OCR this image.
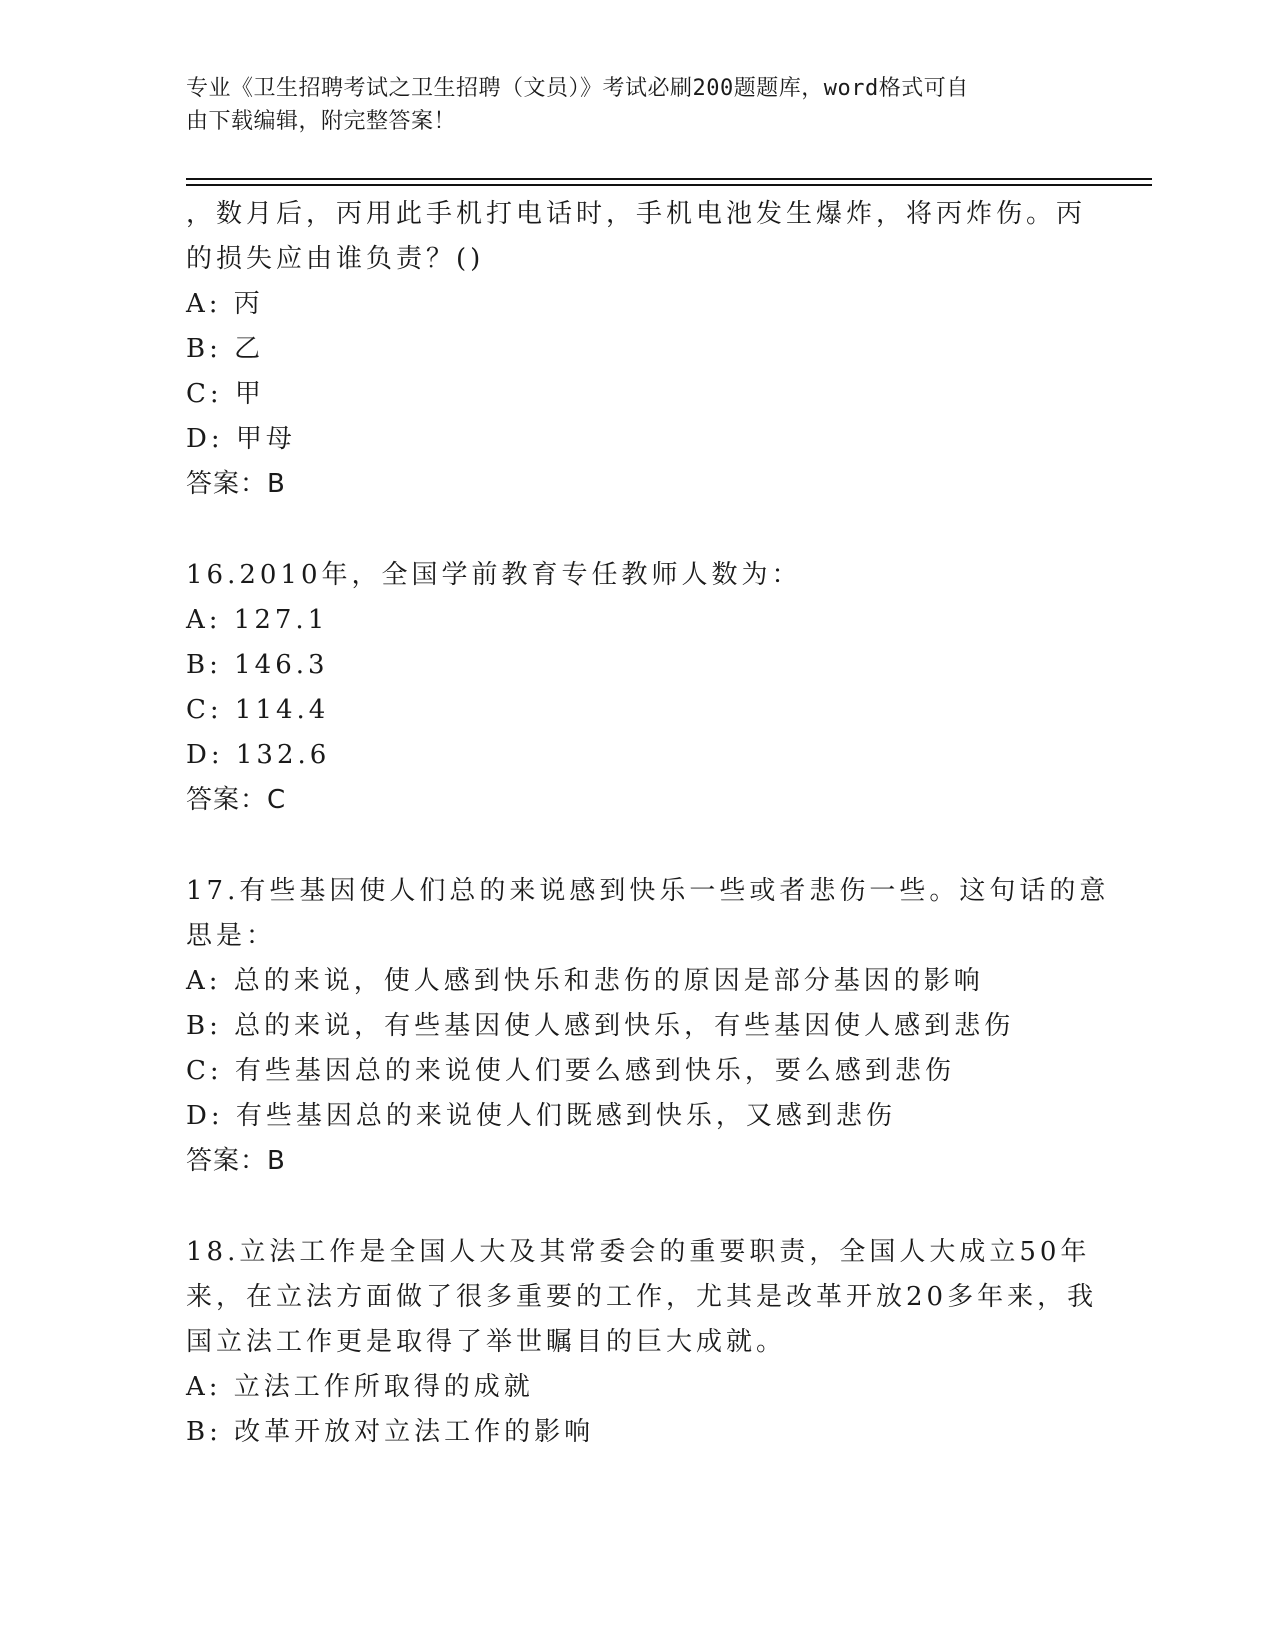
专业《卫生招聘考试之卫生招聘（文员）》考试必刷200题题库，word格式可自
由下载编辑，附完整答案！
，数月后，丙用此手机打电话时，手机电池发生爆炸，将丙炸伤。丙
的损失应由谁负责？()
A: 丙
B: 乙
C: 甲
D: 甲母
答案：B
16.2010年，全国学前教育专任教师人数为：
A: 127.1
B: 146.3
C: 114.4
D: 132.6
答案：C
17.有些基因使人们总的来说感到快乐一些或者悲伤一些。这句话的意
思是：
A: 总的来说，使人感到快乐和悲伤的原因是部分基因的影响
B: 总的来说，有些基因使人感到快乐，有些基因使人感到悲伤
C: 有些基因总的来说使人们要么感到快乐，要么感到悲伤
D: 有些基因总的来说使人们既感到快乐，又感到悲伤
答案：B
18.立法工作是全国人大及其常委会的重要职责，全国人大成立50年
来，在立法方面做了很多重要的工作，尤其是改革开放20多年来，我
国立法工作更是取得了举世瞩目的巨大成就。
A: 立法工作所取得的成就
B: 改革开放对立法工作的影响
